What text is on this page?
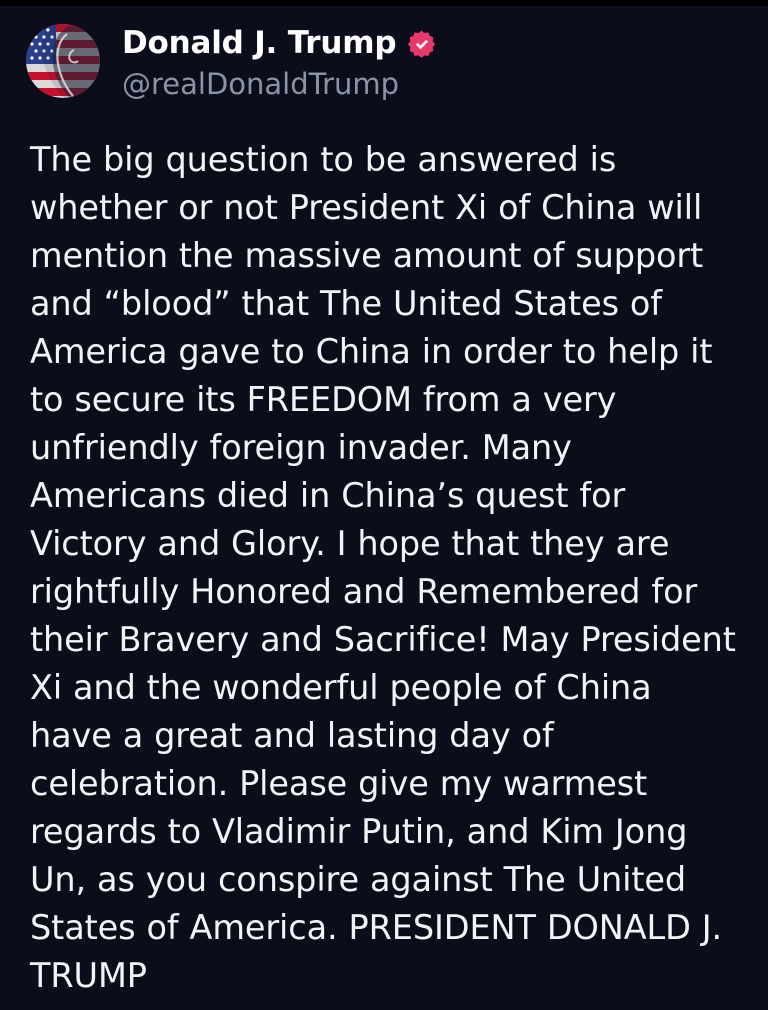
Donald J. Trump
@realDonaldTrump
The big question to be answered is whether or not President Xi of China will mention the massive amount of support and “blood” that The United States of America gave to China in order to help it to secure its FREEDOM from a very unfriendly foreign invader. Many Americans died in China’s quest for Victory and Glory. I hope that they are rightfully Honored and Remembered for their Bravery and Sacrifice! May President Xi and the wonderful people of China have a great and lasting day of celebration. Please give my warmest regards to Vladimir Putin, and Kim Jong Un, as you conspire against The United States of America. PRESIDENT DONALD J. TRUMP
